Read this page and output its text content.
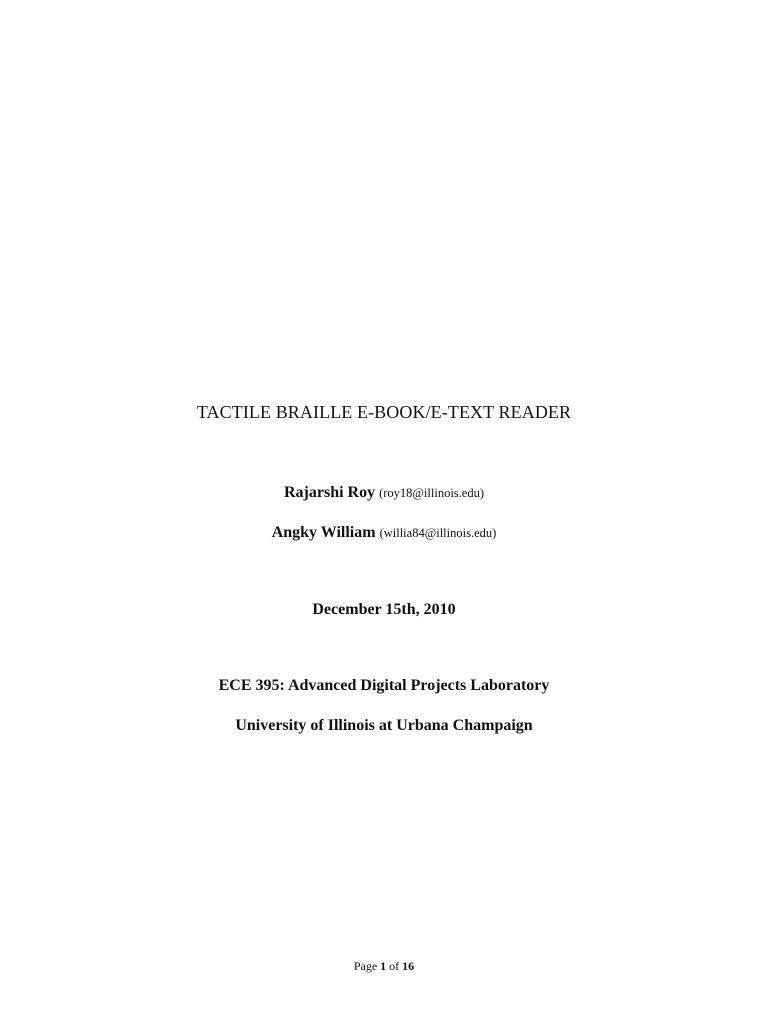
TACTILE BRAILLE E-BOOK/E-TEXT READER
Rajarshi Roy (roy18@illinois.edu)
Angky William (willia84@illinois.edu)
December 15th, 2010
ECE 395: Advanced Digital Projects Laboratory
University of Illinois at Urbana Champaign
Page 1 of 16
